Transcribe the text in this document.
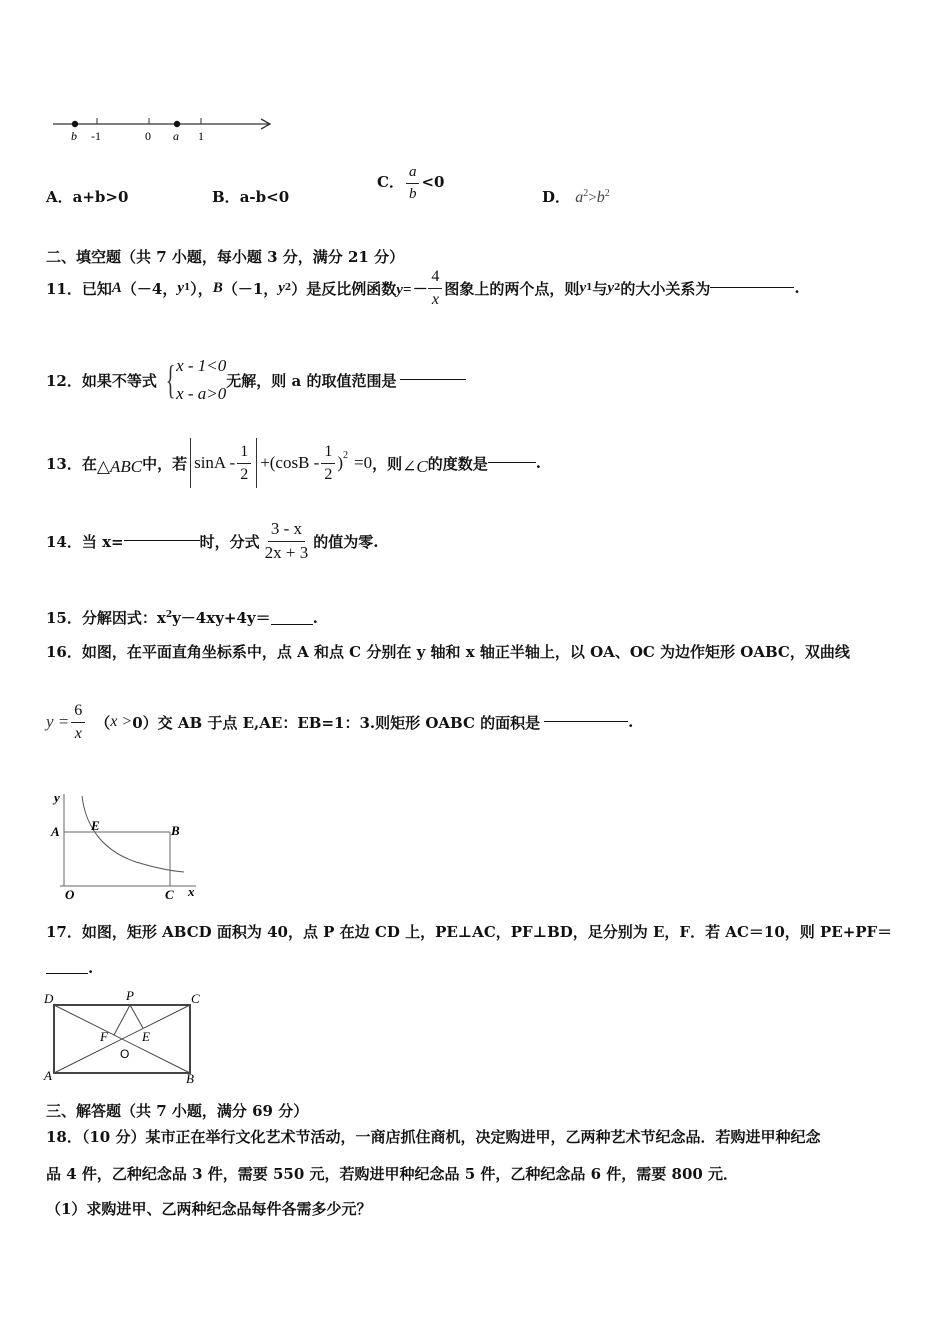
b -1	0 a 1
A．a+b>0	B．a-b<0
C． $\frac{a}{b} <0$
D． $a^2>b^2$
二、填空题（共 7 小题，每小题 3 分，满分 21 分）
11． 已知 A （－4， y 1 ）， B （－1， y 2 ）是反比例函数 $y=- \frac{4}{x}$ 图象上的两个点，则 y 1 与 y 2 的大小关系为	.
12． 如果不等式 { x - 1<0
x - a>0
无解，则 a 的取值范围是
13． 在 △ABC 中，若 $\sin A - \frac{1}{2} +(\cos B - \frac{1}{2} )^2 =0$ ，则 ∠C 的度数是	.
14． 当 x=	时，分式 $\frac{3 - x}{2x + 3}$ 的值为零.
15．分解因式：$x^2y-4xy+4y=$	.
16．如图，在平面直角坐标系中，点 A 和点 C 分别在 y 轴和 x 轴正半轴上，以 OA、OC 为边作矩形 OABC，双曲线
$y = \frac{6}{x}$ （ x > 0）交 AB 于点 E,AE：EB=1：3.则矩形 OABC 的面积是	.
y
A E	B
O	C x
17．如图，矩形 ABCD 面积为 40，点 P 在边 CD 上，PE⊥AC，PF⊥BD，足分别为 E，F．若 AC＝10，则 PE+PF＝
.
D	P	C
F	E
O
A	B
三、解答题（共 7 小题，满分 69 分）
18．（10 分）某市正在举行文化艺术节活动，一商店抓住商机，决定购进甲，乙两种艺术节纪念品．若购进甲种纪念
品 4 件，乙种纪念品 3 件，需要 550 元，若购进甲种纪念品 5 件，乙种纪念品 6 件，需要 800 元．
（1）求购进甲、乙两种纪念品每件各需多少元？
